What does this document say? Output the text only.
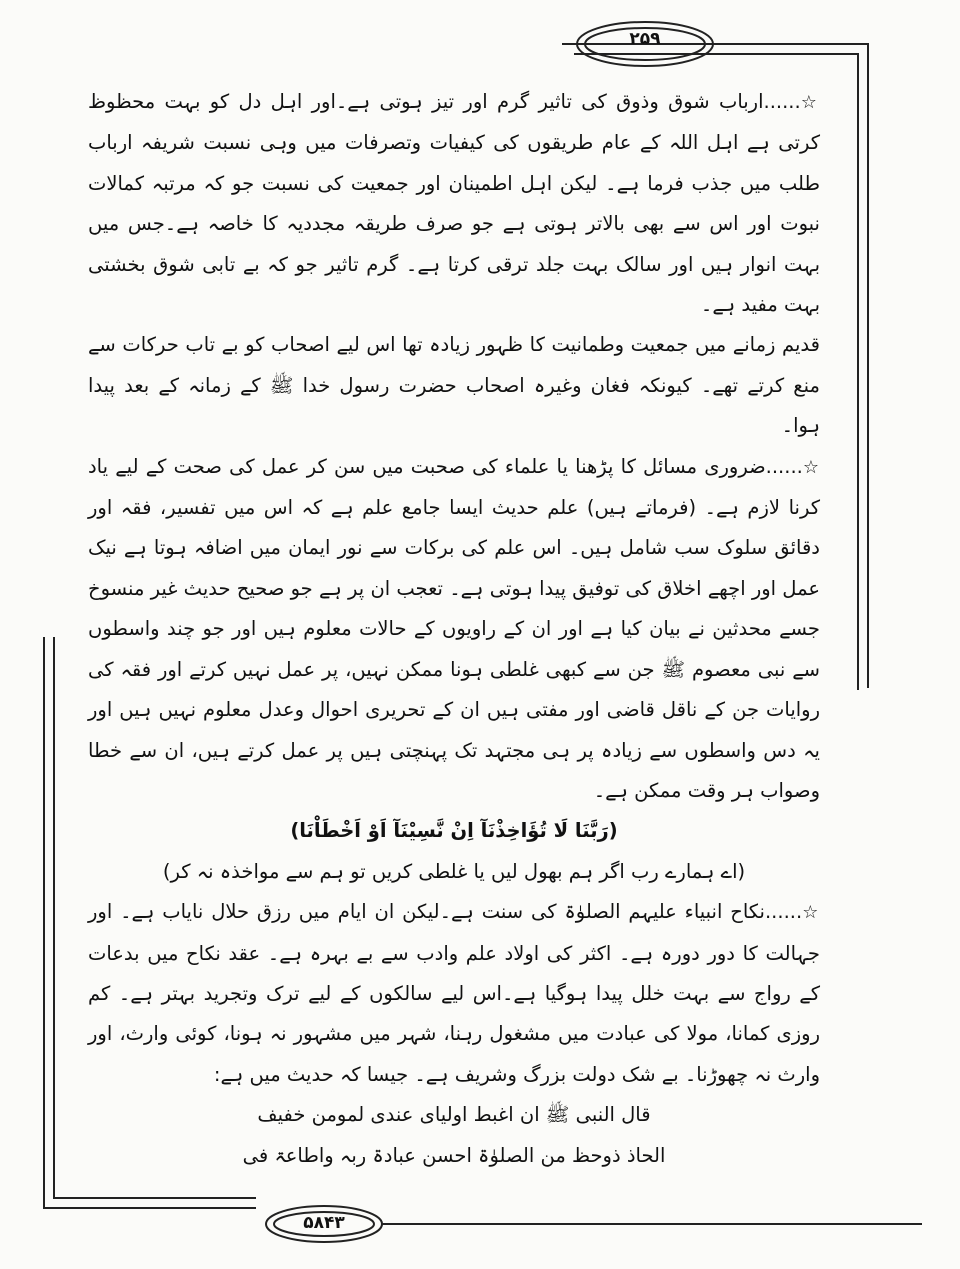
۲۵۹
۵۸۴۳

☆......ارباب شوق وذوق کی تاثیر گرم اور تیز ہوتی ہے۔اور اہل دل کو بہت محظوظ کرتی ہے اہل اللہ کے عام طریقوں کی کیفیات وتصرفات میں وہی نسبت شریفہ ارباب طلب میں جذب فرما ہے۔ لیکن اہل اطمینان اور جمعیت کی نسبت جو کہ مرتبہ کمالات نبوت اور اس سے بھی بالاتر ہوتی ہے جو صرف طریقہ مجددیہ کا خاصہ ہے۔جس میں بہت انوار ہیں اور سالک بہت جلد ترقی کرتا ہے۔ گرم تاثیر جو کہ بے تابی شوق بخشتی بہت مفید ہے۔

قدیم زمانے میں جمعیت وطمانیت کا ظہور زیادہ تھا اس لیے اصحاب کو بے تاب حرکات سے منع کرتے تھے۔ کیونکہ فغان وغیرہ اصحاب حضرت رسول خدا ﷺ کے زمانہ کے بعد پیدا ہوا۔

☆......ضروری مسائل کا پڑھنا یا علماء کی صحبت میں سن کر عمل کی صحت کے لیے یاد کرنا لازم ہے۔ (فرماتے ہیں) علم حدیث ایسا جامع علم ہے کہ اس میں تفسیر، فقہ اور دقائق سلوک سب شامل ہیں۔ اس علم کی برکات سے نور ایمان میں اضافہ ہوتا ہے نیک عمل اور اچھے اخلاق کی توفیق پیدا ہوتی ہے۔ تعجب ان پر ہے جو صحیح حدیث غیر منسوخ جسے محدثین نے بیان کیا ہے اور ان کے راویوں کے حالات معلوم ہیں اور جو چند واسطوں سے نبی معصوم ﷺ جن سے کبھی غلطی ہونا ممکن نہیں، پر عمل نہیں کرتے اور فقہ کی روایات جن کے ناقل قاضی اور مفتی ہیں ان کے تحریری احوال وعدل معلوم نہیں ہیں اور یہ دس واسطوں سے زیادہ پر ہی مجتہد تک پہنچتی ہیں پر عمل کرتے ہیں، ان سے خطا وصواب ہر وقت ممکن ہے۔

(رَبَّنَا لَا تُؤَاخِذْنَآ اِنْ نَّسِیْنَآ اَوْ اَخْطَاْنَا)

(اے ہمارے رب اگر ہم بھول لیں یا غلطی کریں تو ہم سے مواخذہ نہ کر)

☆......نکاح انبیاء علیہم الصلوٰۃ کی سنت ہے۔لیکن ان ایام میں رزق حلال نایاب ہے۔ اور جہالت کا دور دورہ ہے۔ اکثر کی اولاد علم وادب سے بے بہرہ ہے۔ عقد نکاح میں بدعات کے رواج سے بہت خلل پیدا ہوگیا ہے۔اس لیے سالکوں کے لیے ترک وتجرید بہتر ہے۔ کم روزی کمانا، مولا کی عبادت میں مشغول رہنا، شہر میں مشہور نہ ہونا، کوئی وارث، اور وارث نہ چھوڑنا۔ بے شک دولت بزرگ وشریف ہے۔ جیسا کہ حدیث میں ہے:

قال النبی ﷺ ان اغبط اولیای عندی لمومن خفیف

الحاذ ذوحظ من الصلوٰۃ احسن عبادۃ ربہ واطاعۃ فی
